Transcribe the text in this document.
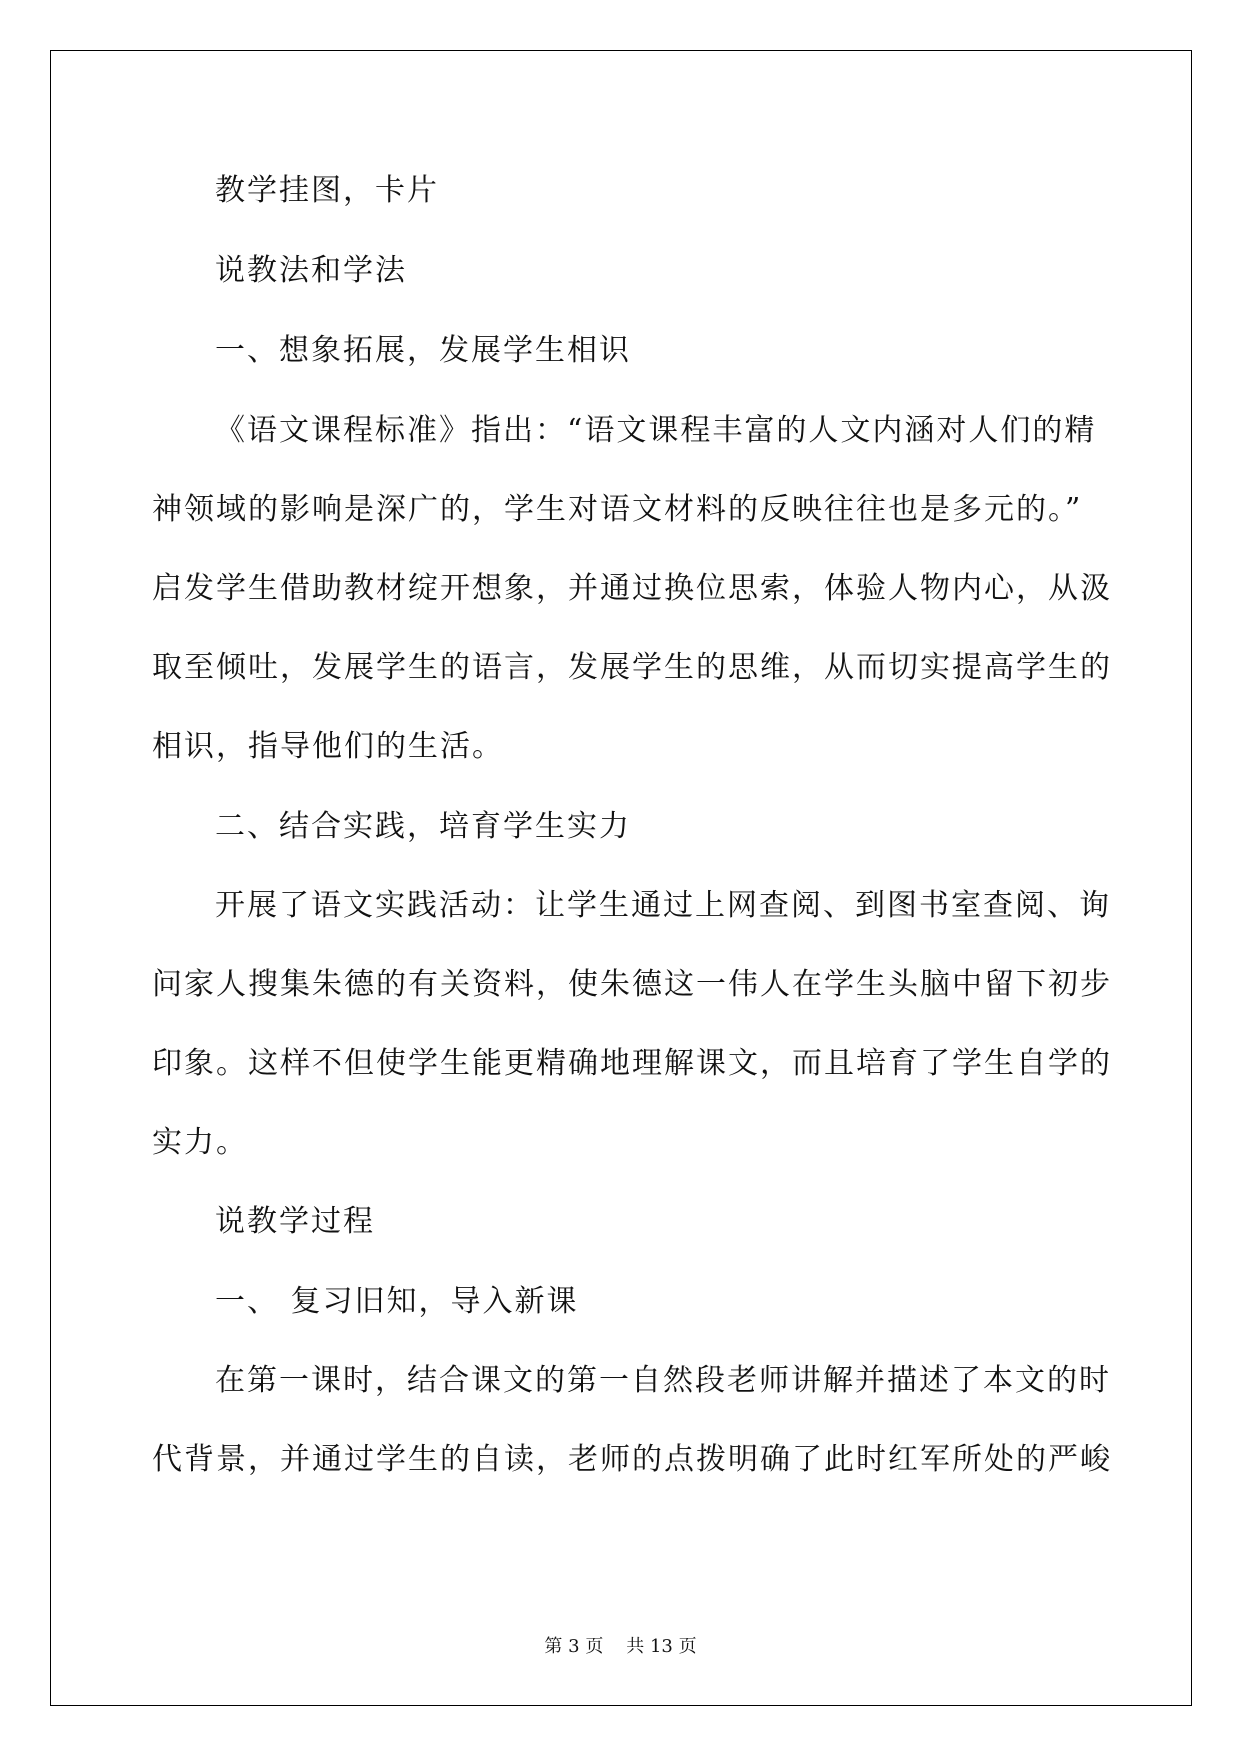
教学挂图，卡片
说教法和学法
一、想象拓展，发展学生相识
《语文课程标准》指出：“语文课程丰富的人文内涵对人们的精
神领域的影响是深广的，学生对语文材料的反映往往也是多元的。”
启发学生借助教材绽开想象，并通过换位思索，体验人物内心，从汲
取至倾吐，发展学生的语言，发展学生的思维，从而切实提高学生的
相识，指导他们的生活。
二、结合实践，培育学生实力
开展了语文实践活动：让学生通过上网查阅、到图书室查阅、询
问家人搜集朱德的有关资料，使朱德这一伟人在学生头脑中留下初步
印象。这样不但使学生能更精确地理解课文，而且培育了学生自学的
实力。
说教学过程
一、 复习旧知，导入新课
在第一课时，结合课文的第一自然段老师讲解并描述了本文的时
代背景，并通过学生的自读，老师的点拨明确了此时红军所处的严峻
第 3 页 共 13 页
